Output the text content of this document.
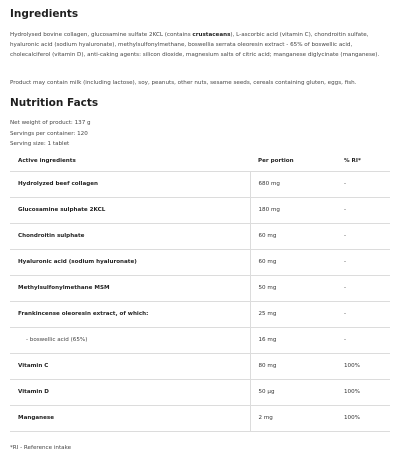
Ingredients

Hydrolysed bovine collagen, glucosamine sulfate 2KCL (contains crustaceans), L-ascorbic acid (vitamin C), chondroitin sulfate, hyaluronic acid (sodium hyaluronate), methylsulfonylmethane, boswellia serrata oleoresin extract - 65% of boswellic acid, cholecalciferol (vitamin D), anti-caking agents: silicon dioxide, magnesium salts of citric acid; manganese diglycinate (manganese).

Product may contain milk (including lactose), soy, peanuts, other nuts, sesame seeds, cereals containing gluten, eggs, fish.

Nutrition Facts
Net weight of product: 137 g
Servings per container: 120
Serving size: 1 tablet
Active ingredients	Per portion	% RI*
Hydrolyzed beef collagen	680 mg	-
Glucosamine sulphate 2KCL	180 mg	-
Chondroitin sulphate	60 mg	-
Hyaluronic acid (sodium hyaluronate)	60 mg	-
Methylsulfonylmethane MSM	50 mg	-
Frankincense oleoresin extract, of which:	25 mg	-
- boswellic acid (65%)	16 mg	-
Vitamin C	80 mg	100%
Vitamin D	50 µg	100%
Manganese	2 mg	100%
*RI - Reference intake
